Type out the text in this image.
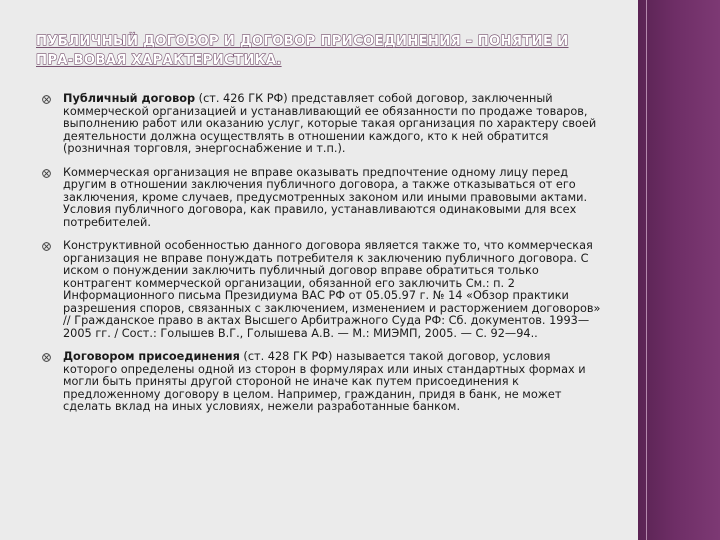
ПУБЛИЧНЫЙ ДОГОВОР И ДОГОВОР ПРИСОЕДИНЕНИЯ – ПОНЯТИЕ И ПРА-ВОВАЯ ХАРАКТЕРИСТИКА.
Публичный договор (ст. 426 ГК РФ) представляет собой договор, заключенный коммерческой организацией и устанавливающий ее обязанности по продаже товаров, выполнению работ или оказанию услуг, которые такая организация по характеру своей деятельности должна осуществлять в отношении каждого, кто к ней обратится (розничная торговля, энергоснабжение и т.п.).
Коммерческая организация не вправе оказывать предпочтение одному лицу перед другим в отношении заключения публичного договора, а также отказываться от его заключения, кроме случаев, предусмотренных законом или иными правовыми актами. Условия публичного договора, как правило, устанавливаются одинаковыми для всех потребителей.
Конструктивной особенностью данного договора является также то, что коммерческая организация не вправе понуждать потребителя к заключению публичного договора. С иском о понуждении заключить публичный договор вправе обратиться только контрагент коммерческой организации, обязанной его заключить См.: п. 2 Информационного письма Президиума ВАС РФ от 05.05.97 г. № 14 «Обзор практики разрешения споров, связанных с заключением, изменением и расторжением договоров» // Гражданское право в актах Высшего Арбитражного Суда РФ: Сб. документов. 1993—2005 гг. / Сост.: Голышев В.Г., Голышева А.В. — М.: МИЭМП, 2005. — С. 92—94..
Договором присоединения (ст. 428 ГК РФ) называется такой договор, условия которого определены одной из сторон в формулярах или иных стандартных формах и могли быть приняты другой стороной не иначе как путем присоединения к предложенному договору в целом. Например, гражданин, придя в банк, не может сделать вклад на иных условиях, нежели разработанные банком.
